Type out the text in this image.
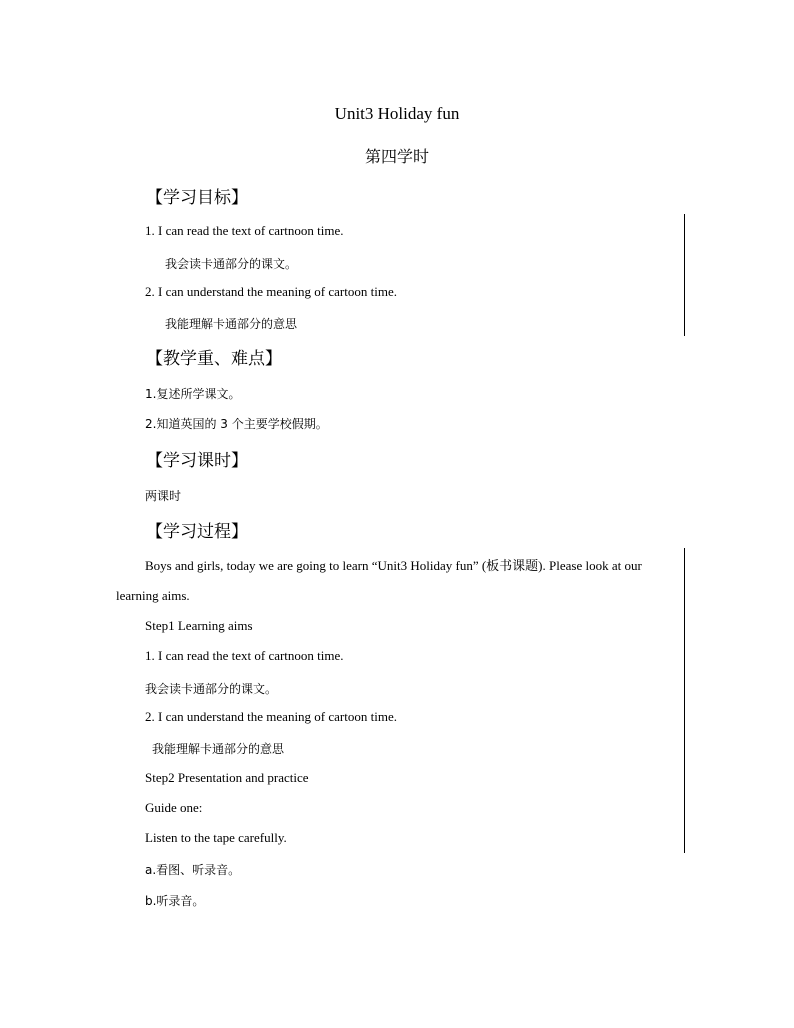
Unit3 Holiday fun
第四学时
【学习目标】
1. I can read the text of cartnoon time.
我会读卡通部分的课文。
2. I can understand the meaning of cartoon time.
我能理解卡通部分的意思
【教学重、难点】
1.复述所学课文。
2.知道英国的 3 个主要学校假期。
【学习课时】
两课时
【学习过程】
Boys and girls, today we are going to learn “Unit3 Holiday fun” (板书课题). Please look at our
learning aims.
Step1 Learning aims
1. I can read the text of cartnoon time.
我会读卡通部分的课文。
2. I can understand the meaning of cartoon time.
我能理解卡通部分的意思
Step2 Presentation and practice
Guide one:
Listen to the tape carefully.
a.看图、听录音。
b.听录音。
